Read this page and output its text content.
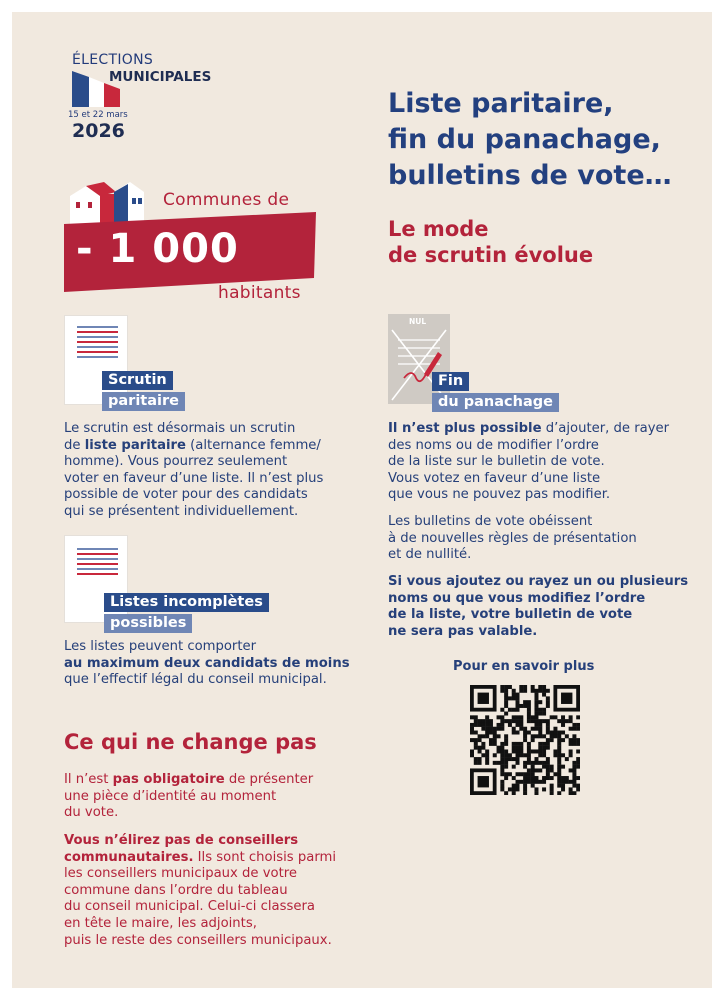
ÉLECTIONS
MUNICIPALES
15 et 22 mars
2026
Liste paritaire,
fin du panachage,
bulletins de vote…
Le mode
de scrutin évolue
Communes de
- 1 000
habitants
Scrutin
paritaire
Le scrutin est désormais un scrutin
de liste paritaire (alternance femme/
homme). Vous pourrez seulement
voter en faveur d’une liste. Il n’est plus
possible de voter pour des candidats
qui se présentent individuellement.
Listes incomplètes
possibles
Les listes peuvent comporter
au maximum deux candidats de moins
que l’effectif légal du conseil municipal.
Ce qui ne change pas
Il n’est pas obligatoire de présenter
une pièce d’identité au moment
du vote.
Vous n’élirez pas de conseillers
communautaires. Ils sont choisis parmi
les conseillers municipaux de votre
commune dans l’ordre du tableau
du conseil municipal. Celui-ci classera
en tête le maire, les adjoints,
puis le reste des conseillers municipaux.
NUL
Fin
du panachage
Il n’est plus possible d’ajouter, de rayer
des noms ou de modifier l’ordre
de la liste sur le bulletin de vote.
Vous votez en faveur d’une liste
que vous ne pouvez pas modifier.
Les bulletins de vote obéissent
à de nouvelles règles de présentation
et de nullité.
Si vous ajoutez ou rayez un ou plusieurs
noms ou que vous modifiez l’ordre
de la liste, votre bulletin de vote
ne sera pas valable.
Pour en savoir plus
